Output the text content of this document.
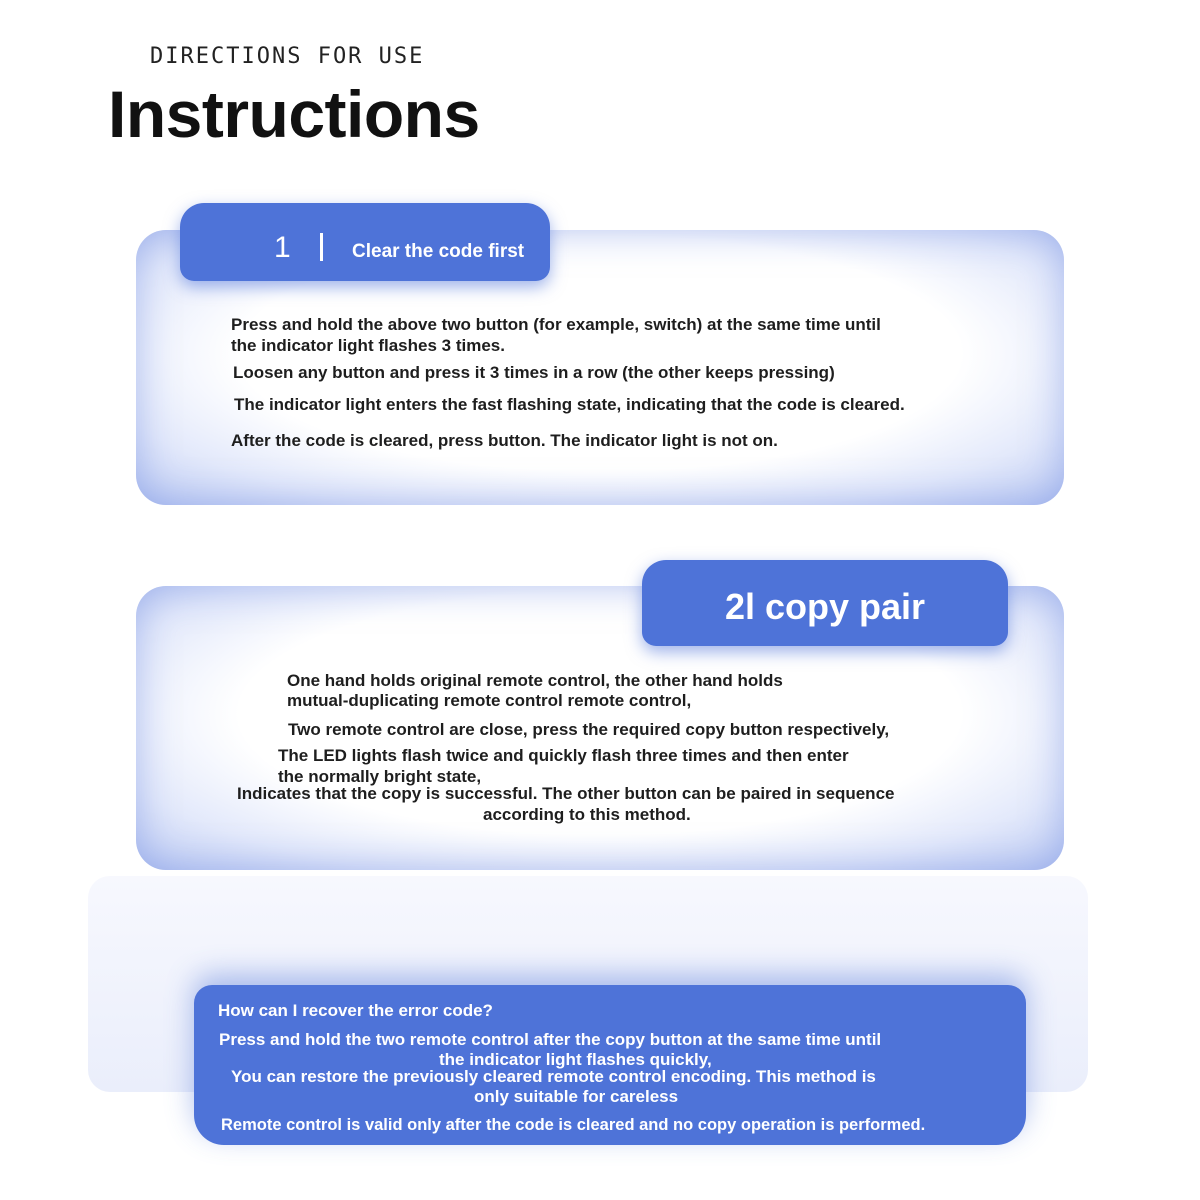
DIRECTIONS FOR USE
Instructions
1	Clear the code first
Press and hold the above two button (for example, switch) at the same time until
the indicator light flashes 3 times.
Loosen any button and press it 3 times in a row (the other keeps pressing)
The indicator light enters the fast flashing state, indicating that the code is cleared.
After the code is cleared, press button. The indicator light is not on.
2l copy pair
One hand holds original remote control, the other hand holds
mutual-duplicating remote control remote control,
Two remote control are close, press the required copy button respectively,
The LED lights flash twice and quickly flash three times and then enter
the normally bright state,
Indicates that the copy is successful. The other button can be paired in sequence
according to this method.
How can I recover the error code?
Press and hold the two remote control after the copy button at the same time until
the indicator light flashes quickly,
You can restore the previously cleared remote control encoding. This method is
only suitable for careless
Remote control is valid only after the code is cleared and no copy operation is performed.
